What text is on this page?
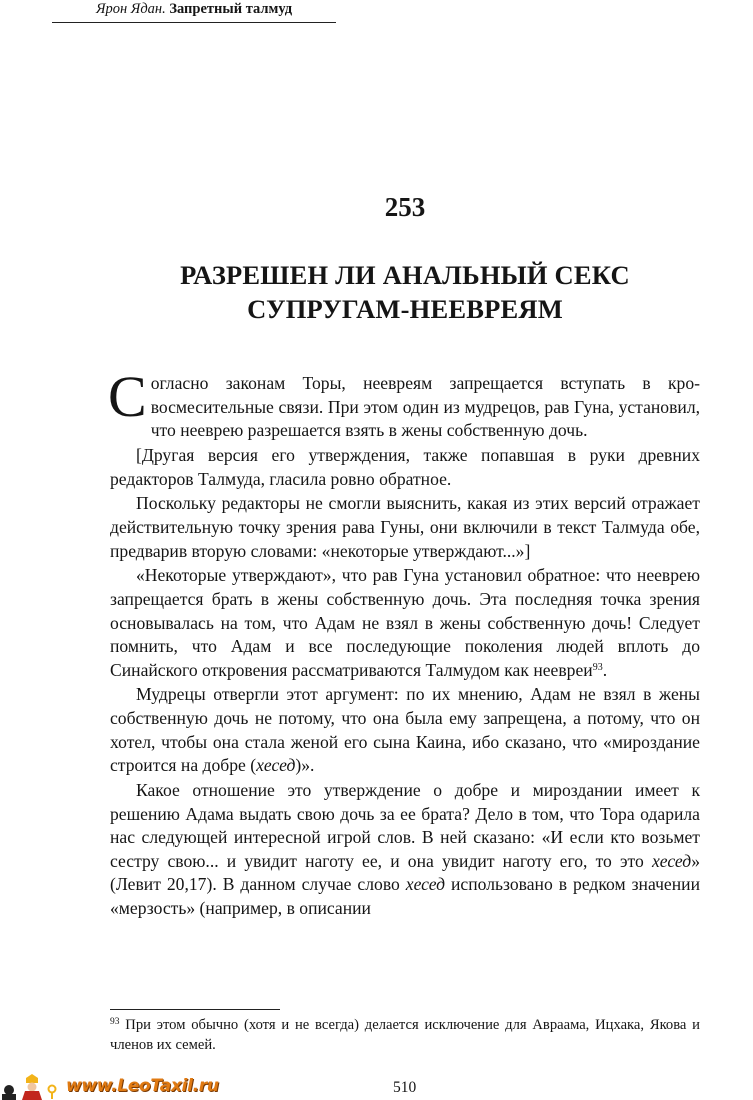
Ярон Ядан. Запретный талмуд
253
РАЗРЕШЕН ЛИ АНАЛЬНЫЙ СЕКС
СУПРУГАМ-НЕЕВРЕЯМ

Согласно законам Торы, неевреям запрещается вступать в кровосмесительные связи. При этом один из мудрецов, рав Гуна, установил, что нееврею разрешается взять в жены собственную дочь.

[Другая версия его утверждения, также попавшая в руки древних редакторов Талмуда, гласила ровно обратное.

Поскольку редакторы не смогли выяснить, какая из этих версий отражает действительную точку зрения рава Гуны, они включили в текст Талмуда обе, предварив вторую словами: «некоторые утверждают...»]

«Некоторые утверждают», что рав Гуна установил обратное: что нееврею запрещается брать в жены собственную дочь. Эта последняя точка зрения основывалась на том, что Адам не взял в жены собственную дочь! Следует помнить, что Адам и все последующие поколения людей вплоть до Синайского откровения рассматриваются Талмудом как неевреи$^{93}$.

Мудрецы отвергли этот аргумент: по их мнению, Адам не взял в жены собственную дочь не потому, что она была ему запрещена, а потому, что он хотел, чтобы она стала женой его сына Каина, ибо сказано, что «мироздание строится на добре (хесед)».

Какое отношение это утверждение о добре и мироздании имеет к решению Адама выдать свою дочь за ее брата? Дело в том, что Тора одарила нас следующей интересной игрой слов. В ней сказано: «И если кто возьмет сестру свою... и увидит наготу ее, и она увидит наготу его, то это хесед» (Левит 20,17). В данном случае слово хесед использовано в редком значении «мерзость» (например, в описании

$^{93}$ При этом обычно (хотя и не всегда) делается исключение для Авраама, Ицхака, Якова и членов их семей.
510
www.LeoTaxil.ru
